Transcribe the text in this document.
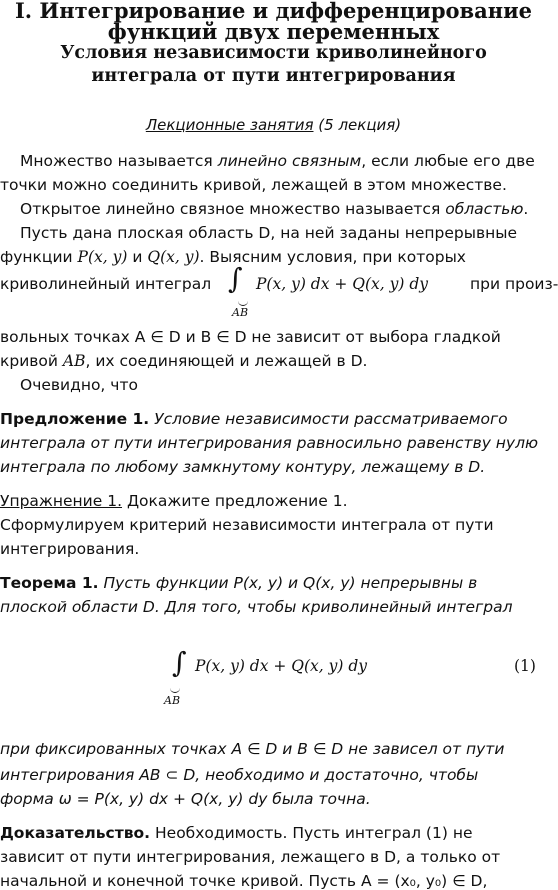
I. Интегрирование и дифференцирование
функций двух переменных
Условия независимости криволинейного
интеграла от пути интегрирования
Лекционные занятия (5 лекция)
Множество называется линейно связным, если любые его две
точки можно соединить кривой, лежащей в этом множестве.
Открытое линейно связное множество называется областью.
Пусть дана плоская область D, на ней заданы непрерывные
функции P(x, y) и Q(x, y). Выясним условия, при которых
криволинейный интеграл ∫
AB
P(x, y) dx + Q(x, y) dy	при произ-
вольных точках A ∈ D и B ∈ D не зависит от выбора гладкой
кривой AB, их соединяющей и лежащей в D.
Очевидно, что
Предложение 1. Условие независимости рассматриваемого
интеграла от пути интегрирования равносильно равенству нулю
интеграла по любому замкнутому контуру, лежащему в D.
Упражнение 1. Докажите предложение 1.
Сформулируем критерий независимости интеграла от пути
интегрирования.
Теорема 1. Пусть функции P(x, y) и Q(x, y) непрерывны в
плоской области D. Для того, чтобы криволинейный интеграл
∫
AB
P(x, y) dx + Q(x, y) dy	(1)
при фиксированных точках A ∈ D и B ∈ D не зависел от пути
интегрирования AB ⊂ D, необходимо и достаточно, чтобы
форма ω = P(x, y) dx + Q(x, y) dy была точна.
Доказательство. Необходимость. Пусть интеграл (1) не
зависит от пути интегрирования, лежащего в D, а только от
начальной и конечной точке кривой. Пусть A = (x₀, y₀) ∈ D,
